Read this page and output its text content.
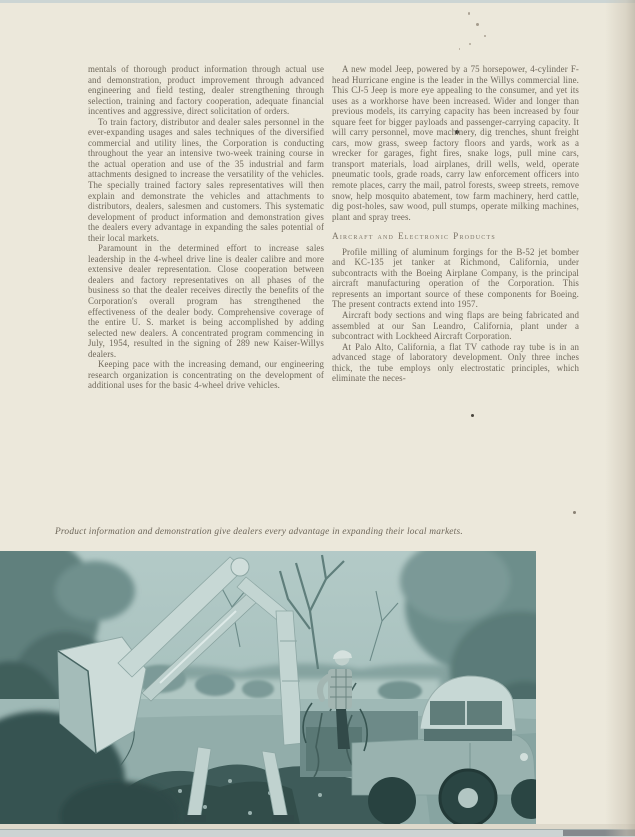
mentals of thorough product information through actual use and demonstration, product improvement through advanced engineering and field testing, dealer strengthening through selection, training and factory cooperation, adequate financial incentives and aggressive, direct solicitation of orders.

To train factory, distributor and dealer sales personnel in the ever-expanding usages and sales techniques of the diversified commercial and utility lines, the Corporation is conducting throughout the year an intensive two-week training course in the actual operation and use of the 35 industrial and farm attachments designed to increase the versatility of the vehicles. The specially trained factory sales representatives will then explain and demonstrate the vehicles and attachments to distributors, dealers, salesmen and customers. This systematic development of product information and demonstration gives the dealers every advantage in expanding the sales potential of their local markets.

Paramount in the determined effort to increase sales leadership in the 4-wheel drive line is dealer calibre and more extensive dealer representation. Close cooperation between dealers and factory representatives on all phases of the business so that the dealer receives directly the benefits of the Corporation's overall program has strengthened the effectiveness of the dealer body. Comprehensive coverage of the entire U. S. market is being accomplished by adding selected new dealers. A concentrated program commencing in July, 1954, resulted in the signing of 289 new Kaiser-Willys dealers.

Keeping pace with the increasing demand, our engineering research organization is concentrating on the development of additional uses for the basic 4-wheel drive vehicles.

A new model Jeep, powered by a 75 horsepower, 4-cylinder F-head Hurricane engine is the leader in the Willys commercial line. This CJ-5 Jeep is more eye appealing to the consumer, and yet its uses as a workhorse have been increased. Wider and longer than previous models, its carrying capacity has been increased by four square feet for bigger payloads and passenger-carrying capacity. It will carry personnel, move machinery, dig trenches, shunt freight cars, mow grass, sweep factory floors and yards, work as a wrecker for garages, fight fires, snake logs, pull mine cars, transport materials, load airplanes, drill wells, weld, operate pneumatic tools, grade roads, carry law enforcement officers into remote places, carry the mail, patrol forests, sweep streets, remove snow, help mosquito abatement, tow farm machinery, herd cattle, dig post-holes, saw wood, pull stumps, operate milking machines, plant and spray trees.

Aircraft and Electronic Products

Profile milling of aluminum forgings for the B-52 jet bomber and KC-135 jet tanker at Richmond, California, under subcontracts with the Boeing Airplane Company, is the principal aircraft manufacturing operation of the Corporation. This represents an important source of these components for Boeing. The present contracts extend into 1957.

Aircraft body sections and wing flaps are being fabricated and assembled at our San Leandro, California, plant under a subcontract with Lockheed Aircraft Corporation.

At Palo Alto, California, a flat TV cathode ray tube is in an advanced stage of laboratory development. Only three inches thick, the tube employs only electrostatic principles, which eliminate the neces-

Product information and demonstration give dealers every advantage in expanding their local markets.
